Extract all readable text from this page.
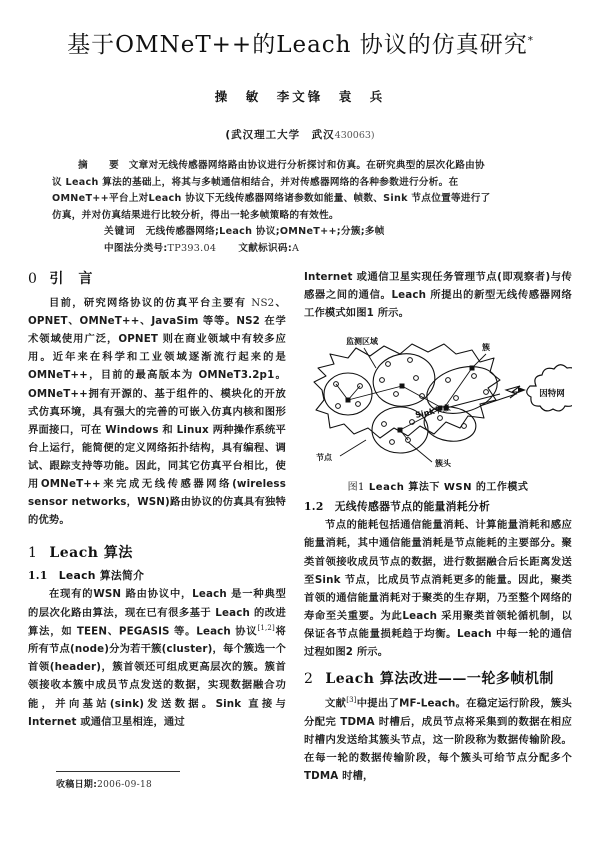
基于OMNeT++的Leach 协议的仿真研究*
操　敏　李文锋　袁　兵
(武汉理工大学　武汉430063)

摘　要 文章对无线传感器网络路由协议进行分析探讨和仿真。在研究典型的层次化路由协

议 Leach 算法的基础上，将其与多帧通信相结合，并对传感器网络的各种参数进行分析。在

OMNeT++平台上对Leach 协议下无线传感器网络诸参数如能量、帧数、Sink 节点位置等进行了

仿真，并对仿真结果进行比较分析，得出一轮多帧策略的有效性。

关键词 无线传感器网络;Leach 协议;OMNeT++;分簇;多帧

中图法分类号:TP393.04 文献标识码:A

0 引　言

目前，研究网络协议的仿真平台主要有 NS2、OPNET、OMNeT++、JavaSim 等等。NS2 在学术领域使用广泛，OPNET 则在商业领域中有较多应用。近年来在科学和工业领域逐渐流行起来的是OMNeT++，目前的最高版本为 OMNeT3.2p1。OMNeT++拥有开源的、基于组件的、模块化的开放式仿真环境，具有强大的完善的可嵌入仿真内核和图形界面接口，可在 Windows 和 Linux 两种操作系统平台上运行，能简便的定义网络拓扑结构，具有编程、调试、跟踪支持等功能。因此，同其它仿真平台相比，使用OMNeT++来完成无线传感器网络(wireless sensor networks，WSN)路由协议的仿真具有独特的优势。

1 Leach 算法
1.1 Leach 算法简介

在现有的WSN 路由协议中，Leach 是一种典型的层次化路由算法，现在已有很多基于 Leach 的改进算法，如 TEEN、PEGASIS 等。Leach 协议[1,2]将所有节点(node)分为若干簇(cluster)，每个簇选一个首领(header)，簇首领还可组成更高层次的簇。簇首领接收本簇中成员节点发送的数据，实现数据融合功能，并向基站(sink)发送数据。Sink 直接与 Internet 或通信卫星相连，通过

收稿日期:2006-09-18

Internet 或通信卫星实现任务管理节点(即观察者)与传感器之间的通信。Leach 所提出的新型无线传感器网络工作模式如图1 所示。

因特网
监测区域
簇
节点
簇头
Sink节点
图1 Leach 算法下 WSN 的工作模式
1.2 无线传感器节点的能量消耗分析

节点的能耗包括通信能量消耗、计算能量消耗和感应能量消耗，其中通信能量消耗是节点能耗的主要部分。聚类首领接收成员节点的数据，进行数据融合后长距离发送至Sink 节点，比成员节点消耗更多的能量。因此，聚类首领的通信能量消耗对于聚类的生存期，乃至整个网络的寿命至关重要。为此Leach 采用聚类首领轮循机制，以保证各节点能量损耗趋于均衡。Leach 中每一轮的通信过程如图2 所示。

2 Leach 算法改进——一轮多帧机制

文献[3]中提出了MF-Leach。在稳定运行阶段，簇头分配完 TDMA 时槽后，成员节点将采集到的数据在相应时槽内发送给其簇头节点，这一阶段称为数据传输阶段。在每一轮的数据传输阶段，每个簇头可给节点分配多个 TDMA 时槽，
